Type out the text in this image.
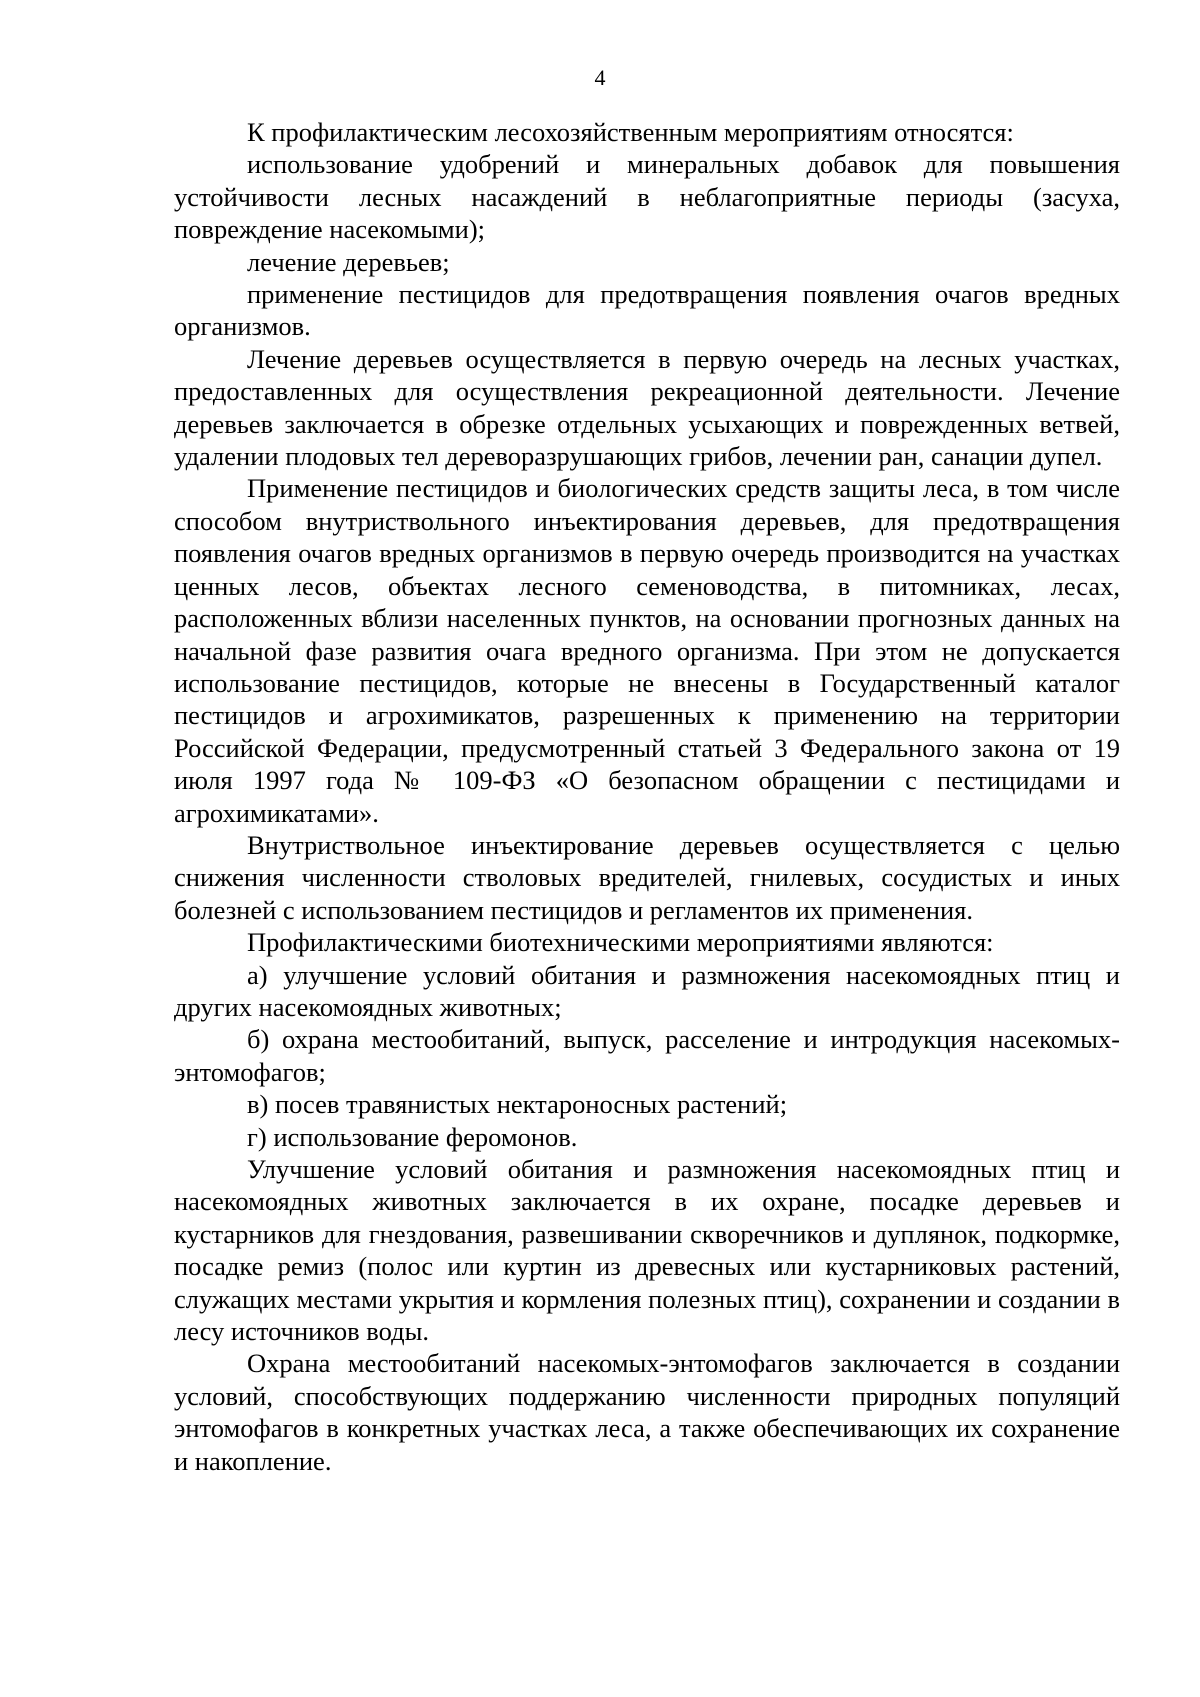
4

К профилактическим лесохозяйственным мероприятиям относятся:

использование удобрений и минеральных добавок для повышения устойчивости лесных насаждений в неблагоприятные периоды (засуха, повреждение насекомыми);

лечение деревьев;

применение пестицидов для предотвращения появления очагов вредных организмов.

Лечение деревьев осуществляется в первую очередь на лесных участках, предоставленных для осуществления рекреационной деятельности. Лечение деревьев заключается в обрезке отдельных усыхающих и поврежденных ветвей, удалении плодовых тел дереворазрушающих грибов, лечении ран, санации дупел.

Применение пестицидов и биологических средств защиты леса, в том числе способом внутриствольного инъектирования деревьев, для предотвращения появления очагов вредных организмов в первую очередь производится на участках ценных лесов, объектах лесного семеноводства, в питомниках, лесах, расположенных вблизи населенных пунктов, на основании прогнозных данных на начальной фазе развития очага вредного организма. При этом не допускается использование пестицидов, которые не внесены в Государственный каталог пестицидов и агрохимикатов, разрешенных к применению на территории Российской Федерации, предусмотренный статьей 3 Федерального закона от 19 июля 1997 года № 109-ФЗ «О безопасном обращении с пестицидами и агрохимикатами».

Внутриствольное инъектирование деревьев осуществляется с целью снижения численности стволовых вредителей, гнилевых, сосудистых и иных болезней с использованием пестицидов и регламентов их применения.

Профилактическими биотехническими мероприятиями являются:

а) улучшение условий обитания и размножения насекомоядных птиц и других насекомоядных животных;

б) охрана местообитаний, выпуск, расселение и интродукция насекомых-энтомофагов;

в) посев травянистых нектароносных растений;

г) использование феромонов.

Улучшение условий обитания и размножения насекомоядных птиц и насекомоядных животных заключается в их охране, посадке деревьев и кустарников для гнездования, развешивании скворечников и дуплянок, подкормке, посадке ремиз (полос или куртин из древесных или кустарниковых растений, служащих местами укрытия и кормления полезных птиц), сохранении и создании в лесу источников воды.

Охрана местообитаний насекомых-энтомофагов заключается в создании условий, способствующих поддержанию численности природных популяций энтомофагов в конкретных участках леса, а также обеспечивающих их сохранение и накопление.
